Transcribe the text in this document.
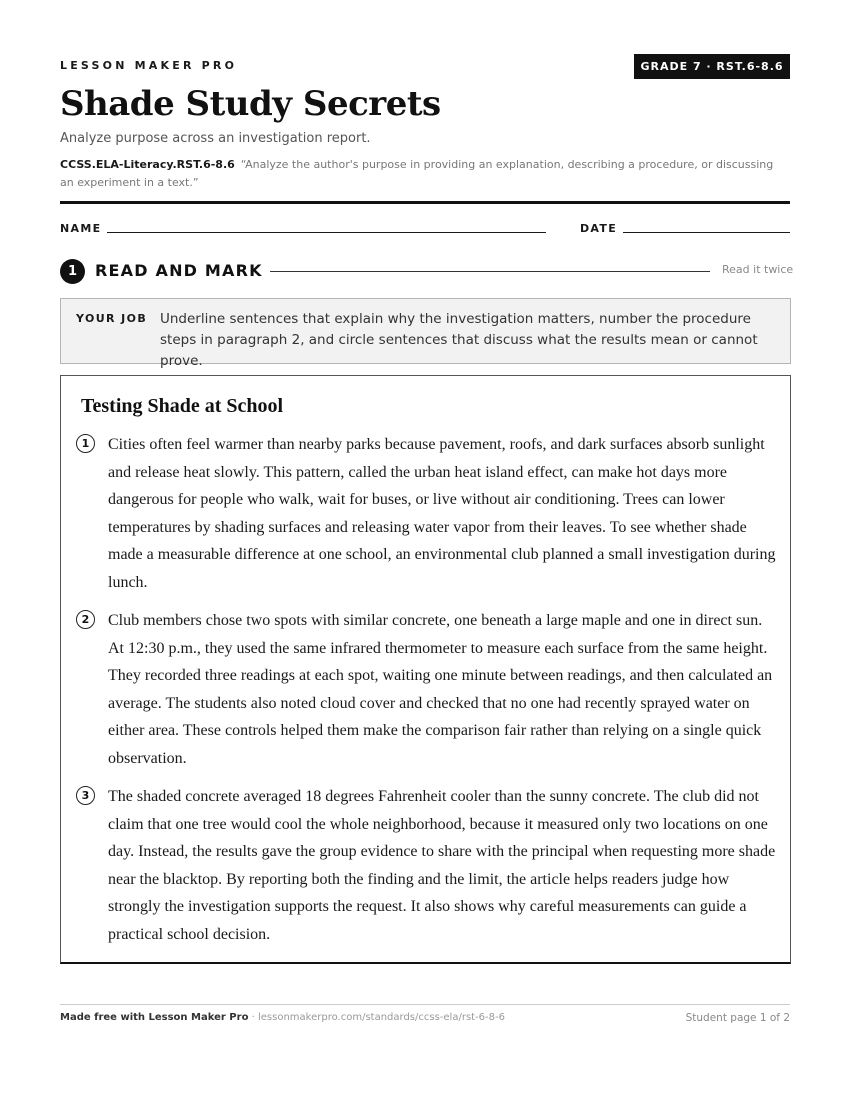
LESSON MAKER PRO	GRADE 7 · RST.6-8.6
Shade Study Secrets
Analyze purpose across an investigation report.
CCSS.ELA-Literacy.RST.6-8.6 “Analyze the author's purpose in providing an explanation, describing a procedure, or discussing an experiment in a text.”
NAME	DATE
1	READ AND MARK	Read it twice
YOUR JOB Underline sentences that explain why the investigation matters, number the procedure steps in paragraph 2, and circle sentences that discuss what the results mean or cannot prove.
Testing Shade at School
1	Cities often feel warmer than nearby parks because pavement, roofs, and dark surfaces absorb sunlight and release heat slowly. This pattern, called the urban heat island effect, can make hot days more dangerous for people who walk, wait for buses, or live without air conditioning. Trees can lower temperatures by shading surfaces and releasing water vapor from their leaves. To see whether shade made a measurable difference at one school, an environmental club planned a small investigation during lunch.

2	Club members chose two spots with similar concrete, one beneath a large maple and one in direct sun. At 12:30 p.m., they used the same infrared thermometer to measure each surface from the same height. They recorded three readings at each spot, waiting one minute between readings, and then calculated an average. The students also noted cloud cover and checked that no one had recently sprayed water on either area. These controls helped them make the comparison fair rather than relying on a single quick observation.

3	The shaded concrete averaged 18 degrees Fahrenheit cooler than the sunny concrete. The club did not claim that one tree would cool the whole neighborhood, because it measured only two locations on one day. Instead, the results gave the group evidence to share with the principal when requesting more shade near the blacktop. By reporting both the finding and the limit, the article helps readers judge how strongly the investigation supports the request. It also shows why careful measurements can guide a practical school decision.

Made free with Lesson Maker Pro · lessonmakerpro.com/standards/ccss-ela/rst-6-8-6	Student page 1 of 2
